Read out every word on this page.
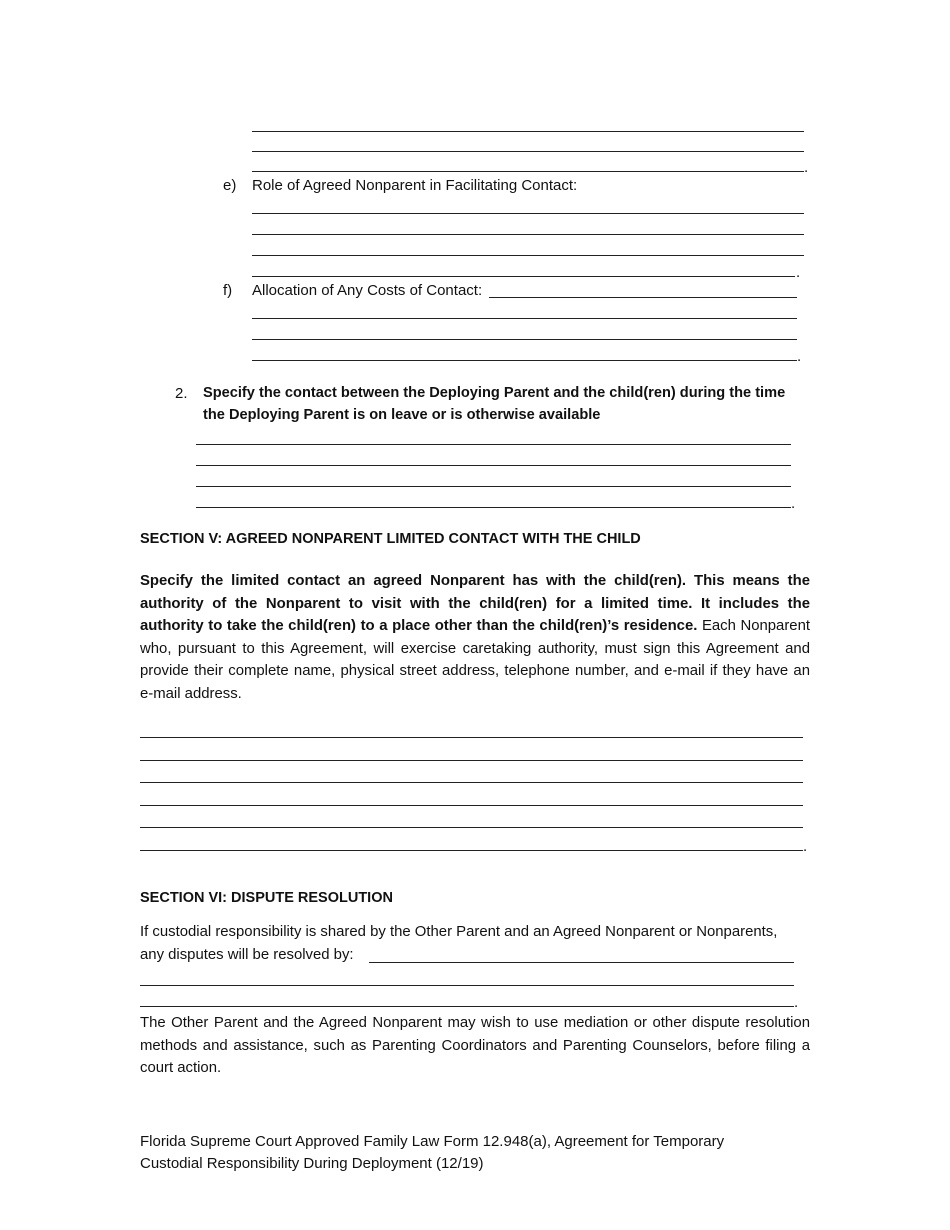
.
e) Role of Agreed Nonparent in Facilitating Contact:
.
f) Allocation of Any Costs of Contact:
.
2. Specify the contact between the Deploying Parent and the child(ren) during the time the Deploying Parent is on leave or is otherwise available
.
SECTION V: AGREED NONPARENT LIMITED CONTACT WITH THE CHILD
Specify the limited contact an agreed Nonparent has with the child(ren). This means the authority of the Nonparent to visit with the child(ren) for a limited time. It includes the authority to take the child(ren) to a place other than the child(ren)’s residence. Each Nonparent who, pursuant to this Agreement, will exercise caretaking authority, must sign this Agreement and provide their complete name, physical street address, telephone number, and e-mail if they have an e-mail address.
.
SECTION VI: DISPUTE RESOLUTION
If custodial responsibility is shared by the Other Parent and an Agreed Nonparent or Nonparents,
any disputes will be resolved by:
.
The Other Parent and the Agreed Nonparent may wish to use mediation or other dispute resolution methods and assistance, such as Parenting Coordinators and Parenting Counselors, before filing a court action.
Florida Supreme Court Approved Family Law Form 12.948(a), Agreement for Temporary
Custodial Responsibility During Deployment (12/19)
